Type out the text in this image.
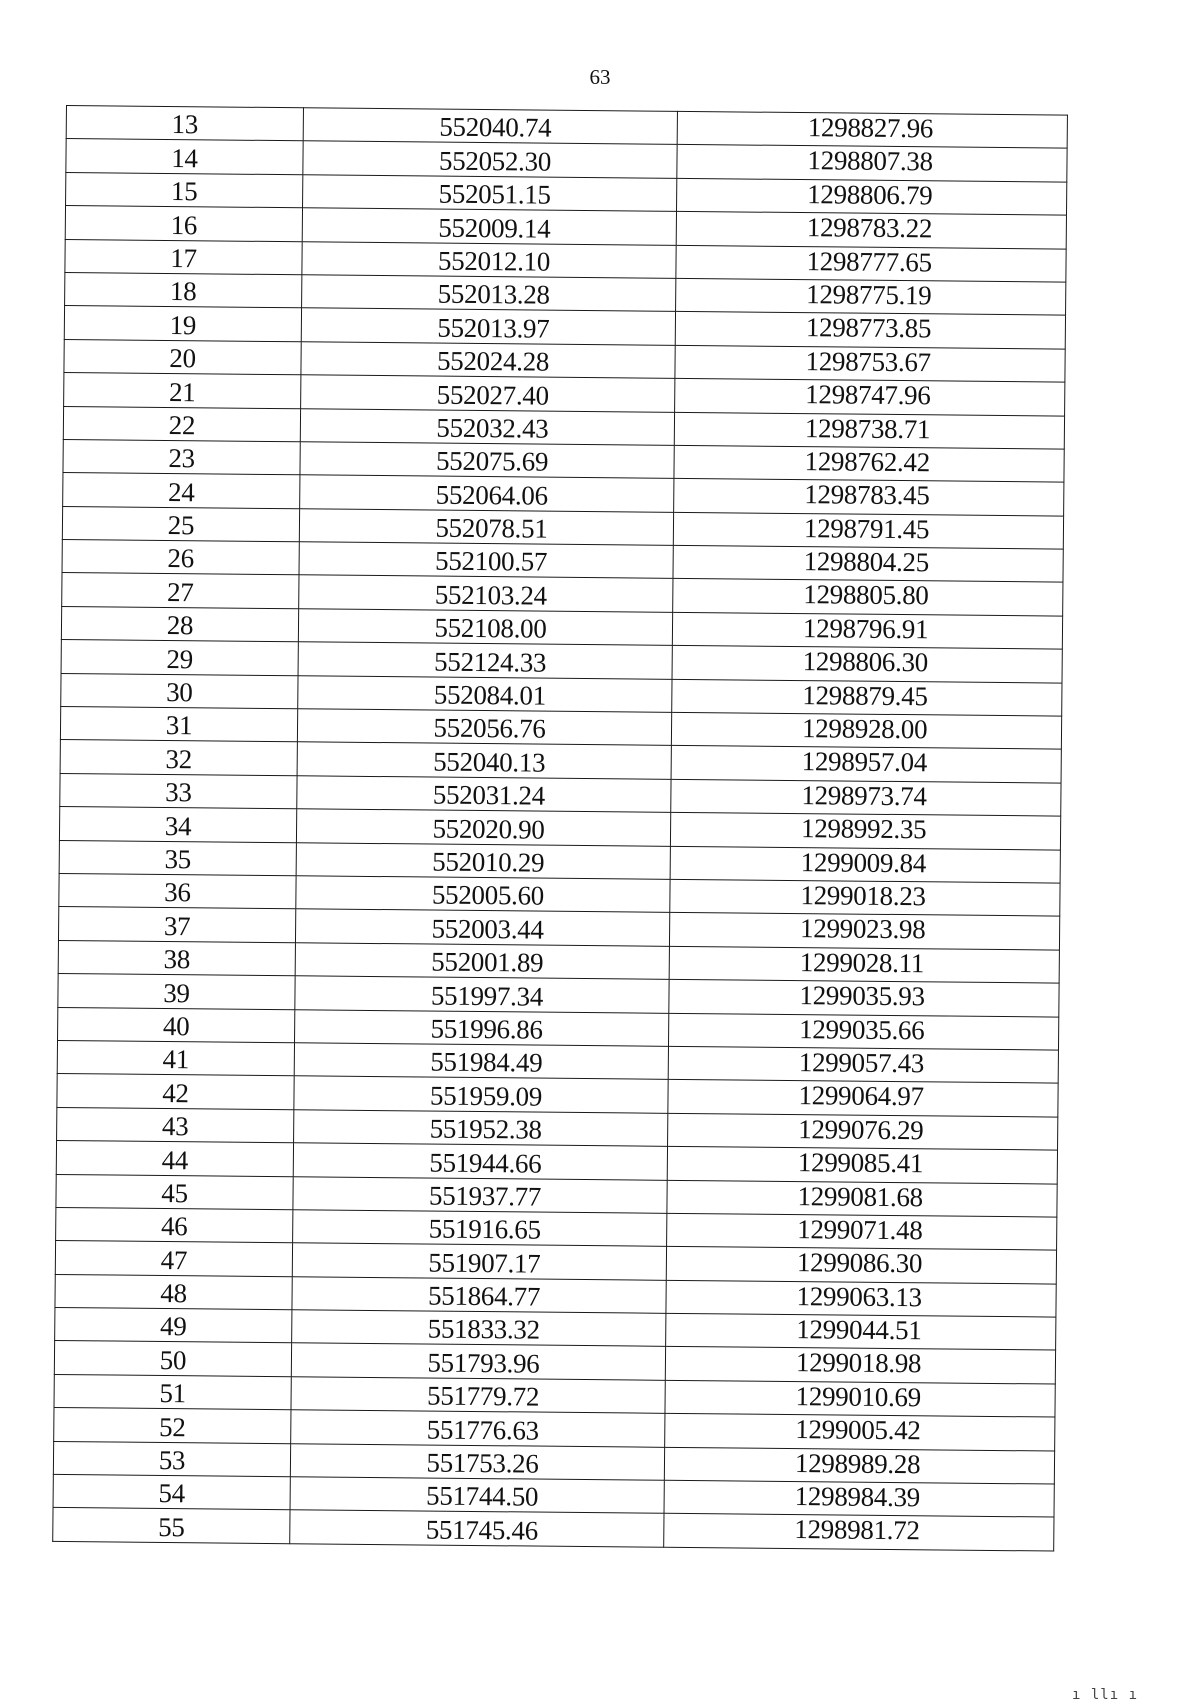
63
13	552040.74	1298827.96
14	552052.30	1298807.38
15	552051.15	1298806.79
16	552009.14	1298783.22
17	552012.10	1298777.65
18	552013.28	1298775.19
19	552013.97	1298773.85
20	552024.28	1298753.67
21	552027.40	1298747.96
22	552032.43	1298738.71
23	552075.69	1298762.42
24	552064.06	1298783.45
25	552078.51	1298791.45
26	552100.57	1298804.25
27	552103.24	1298805.80
28	552108.00	1298796.91
29	552124.33	1298806.30
30	552084.01	1298879.45
31	552056.76	1298928.00
32	552040.13	1298957.04
33	552031.24	1298973.74
34	552020.90	1298992.35
35	552010.29	1299009.84
36	552005.60	1299018.23
37	552003.44	1299023.98
38	552001.89	1299028.11
39	551997.34	1299035.93
40	551996.86	1299035.66
41	551984.49	1299057.43
42	551959.09	1299064.97
43	551952.38	1299076.29
44	551944.66	1299085.41
45	551937.77	1299081.68
46	551916.65	1299071.48
47	551907.17	1299086.30
48	551864.77	1299063.13
49	551833.32	1299044.51
50	551793.96	1299018.98
51	551779.72	1299010.69
52	551776.63	1299005.42
53	551753.26	1298989.28
54	551744.50	1298984.39
55	551745.46	1298981.72
ı llı ı
